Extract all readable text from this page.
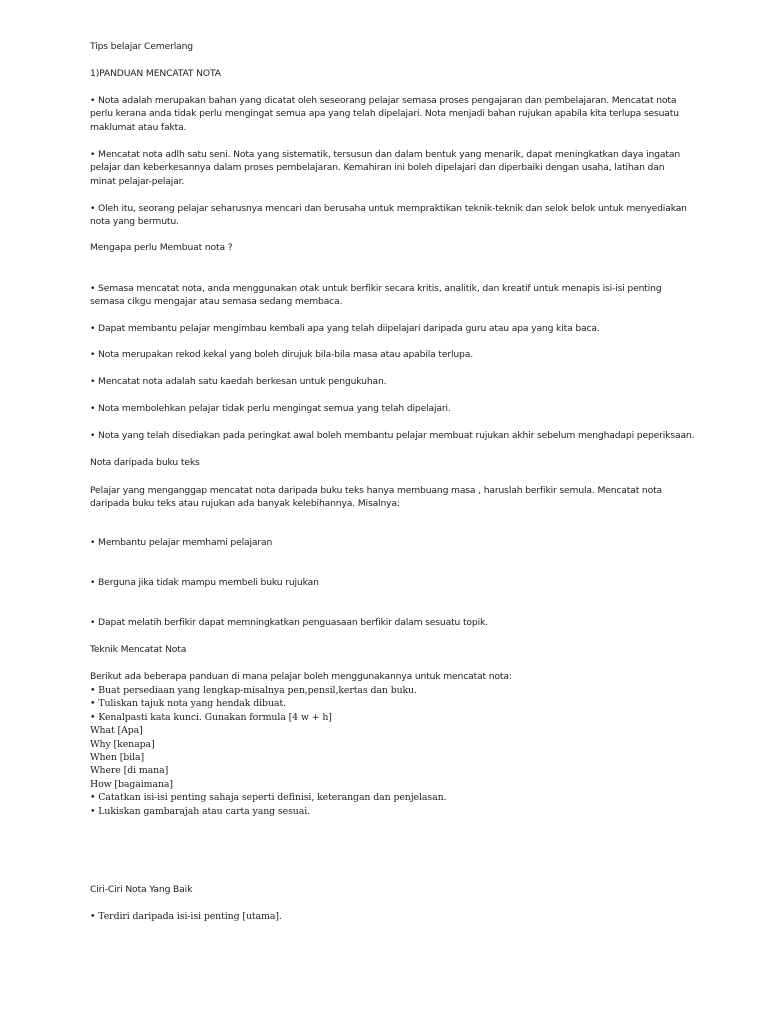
Tips belajar Cemerlang
1)PANDUAN MENCATAT NOTA
• Nota adalah merupakan bahan yang dicatat oleh seseorang pelajar semasa proses pengajaran dan pembelajaran. Mencatat nota perlu kerana anda tidak perlu mengingat semua apa yang telah dipelajari. Nota menjadi bahan rujukan apabila kita terlupa sesuatu maklumat atau fakta.
• Mencatat nota adlh satu seni. Nota yang sistematik, tersusun dan dalam bentuk yang menarik, dapat meningkatkan daya ingatan pelajar dan keberkesannya dalam proses pembelajaran. Kemahiran ini boleh dipelajari dan diperbaiki dengan usaha, latihan dan minat pelajar-pelajar.
• Oleh itu, seorang pelajar seharusnya mencari dan berusaha untuk mempraktikan teknik-teknik dan selok belok untuk menyediakan nota yang bermutu.
Mengapa perlu Membuat nota ?
• Semasa mencatat nota, anda menggunakan otak untuk berfikir secara kritis, analitik, dan kreatif untuk menapis isi-isi penting semasa cikgu mengajar atau semasa sedang membaca.
• Dapat membantu pelajar mengimbau kembali apa yang telah diipelajari daripada guru atau apa yang kita baca.
• Nota merupakan rekod kekal yang boleh dirujuk bila-bila masa atau apabila terlupa.
• Mencatat nota adalah satu kaedah berkesan untuk pengukuhan.
• Nota membolehkan pelajar tidak perlu mengingat semua yang telah dipelajari.
• Nota yang telah disediakan pada peringkat awal boleh membantu pelajar membuat rujukan akhir sebelum menghadapi peperiksaan.
Nota daripada buku teks
Pelajar yang menganggap mencatat nota daripada buku teks hanya membuang masa , haruslah berfikir semula. Mencatat nota daripada buku teks atau rujukan ada banyak kelebihannya. Misalnya:
• Membantu pelajar memhami pelajaran
• Berguna jika tidak mampu membeli buku rujukan
• Dapat melatih berfikir dapat memningkatkan penguasaan berfikir dalam sesuatu topik.
Teknik Mencatat Nota
Berikut ada beberapa panduan di mana pelajar boleh menggunakannya untuk mencatat nota:
• Buat persediaan yang lengkap-misalnya pen,pensil,kertas dan buku.
• Tuliskan tajuk nota yang hendak dibuat.
• Kenalpasti kata kunci. Gunakan formula [4 w + h]
What [Apa]
Why [kenapa]
When [bila]
Where [di mana]
How [bagaimana]
• Catatkan isi-isi penting sahaja seperti definisi, keterangan dan penjelasan.
• Lukiskan gambarajah atau carta yang sesuai.
Ciri-Ciri Nota Yang Baik
• Terdiri daripada isi-isi penting [utama].
